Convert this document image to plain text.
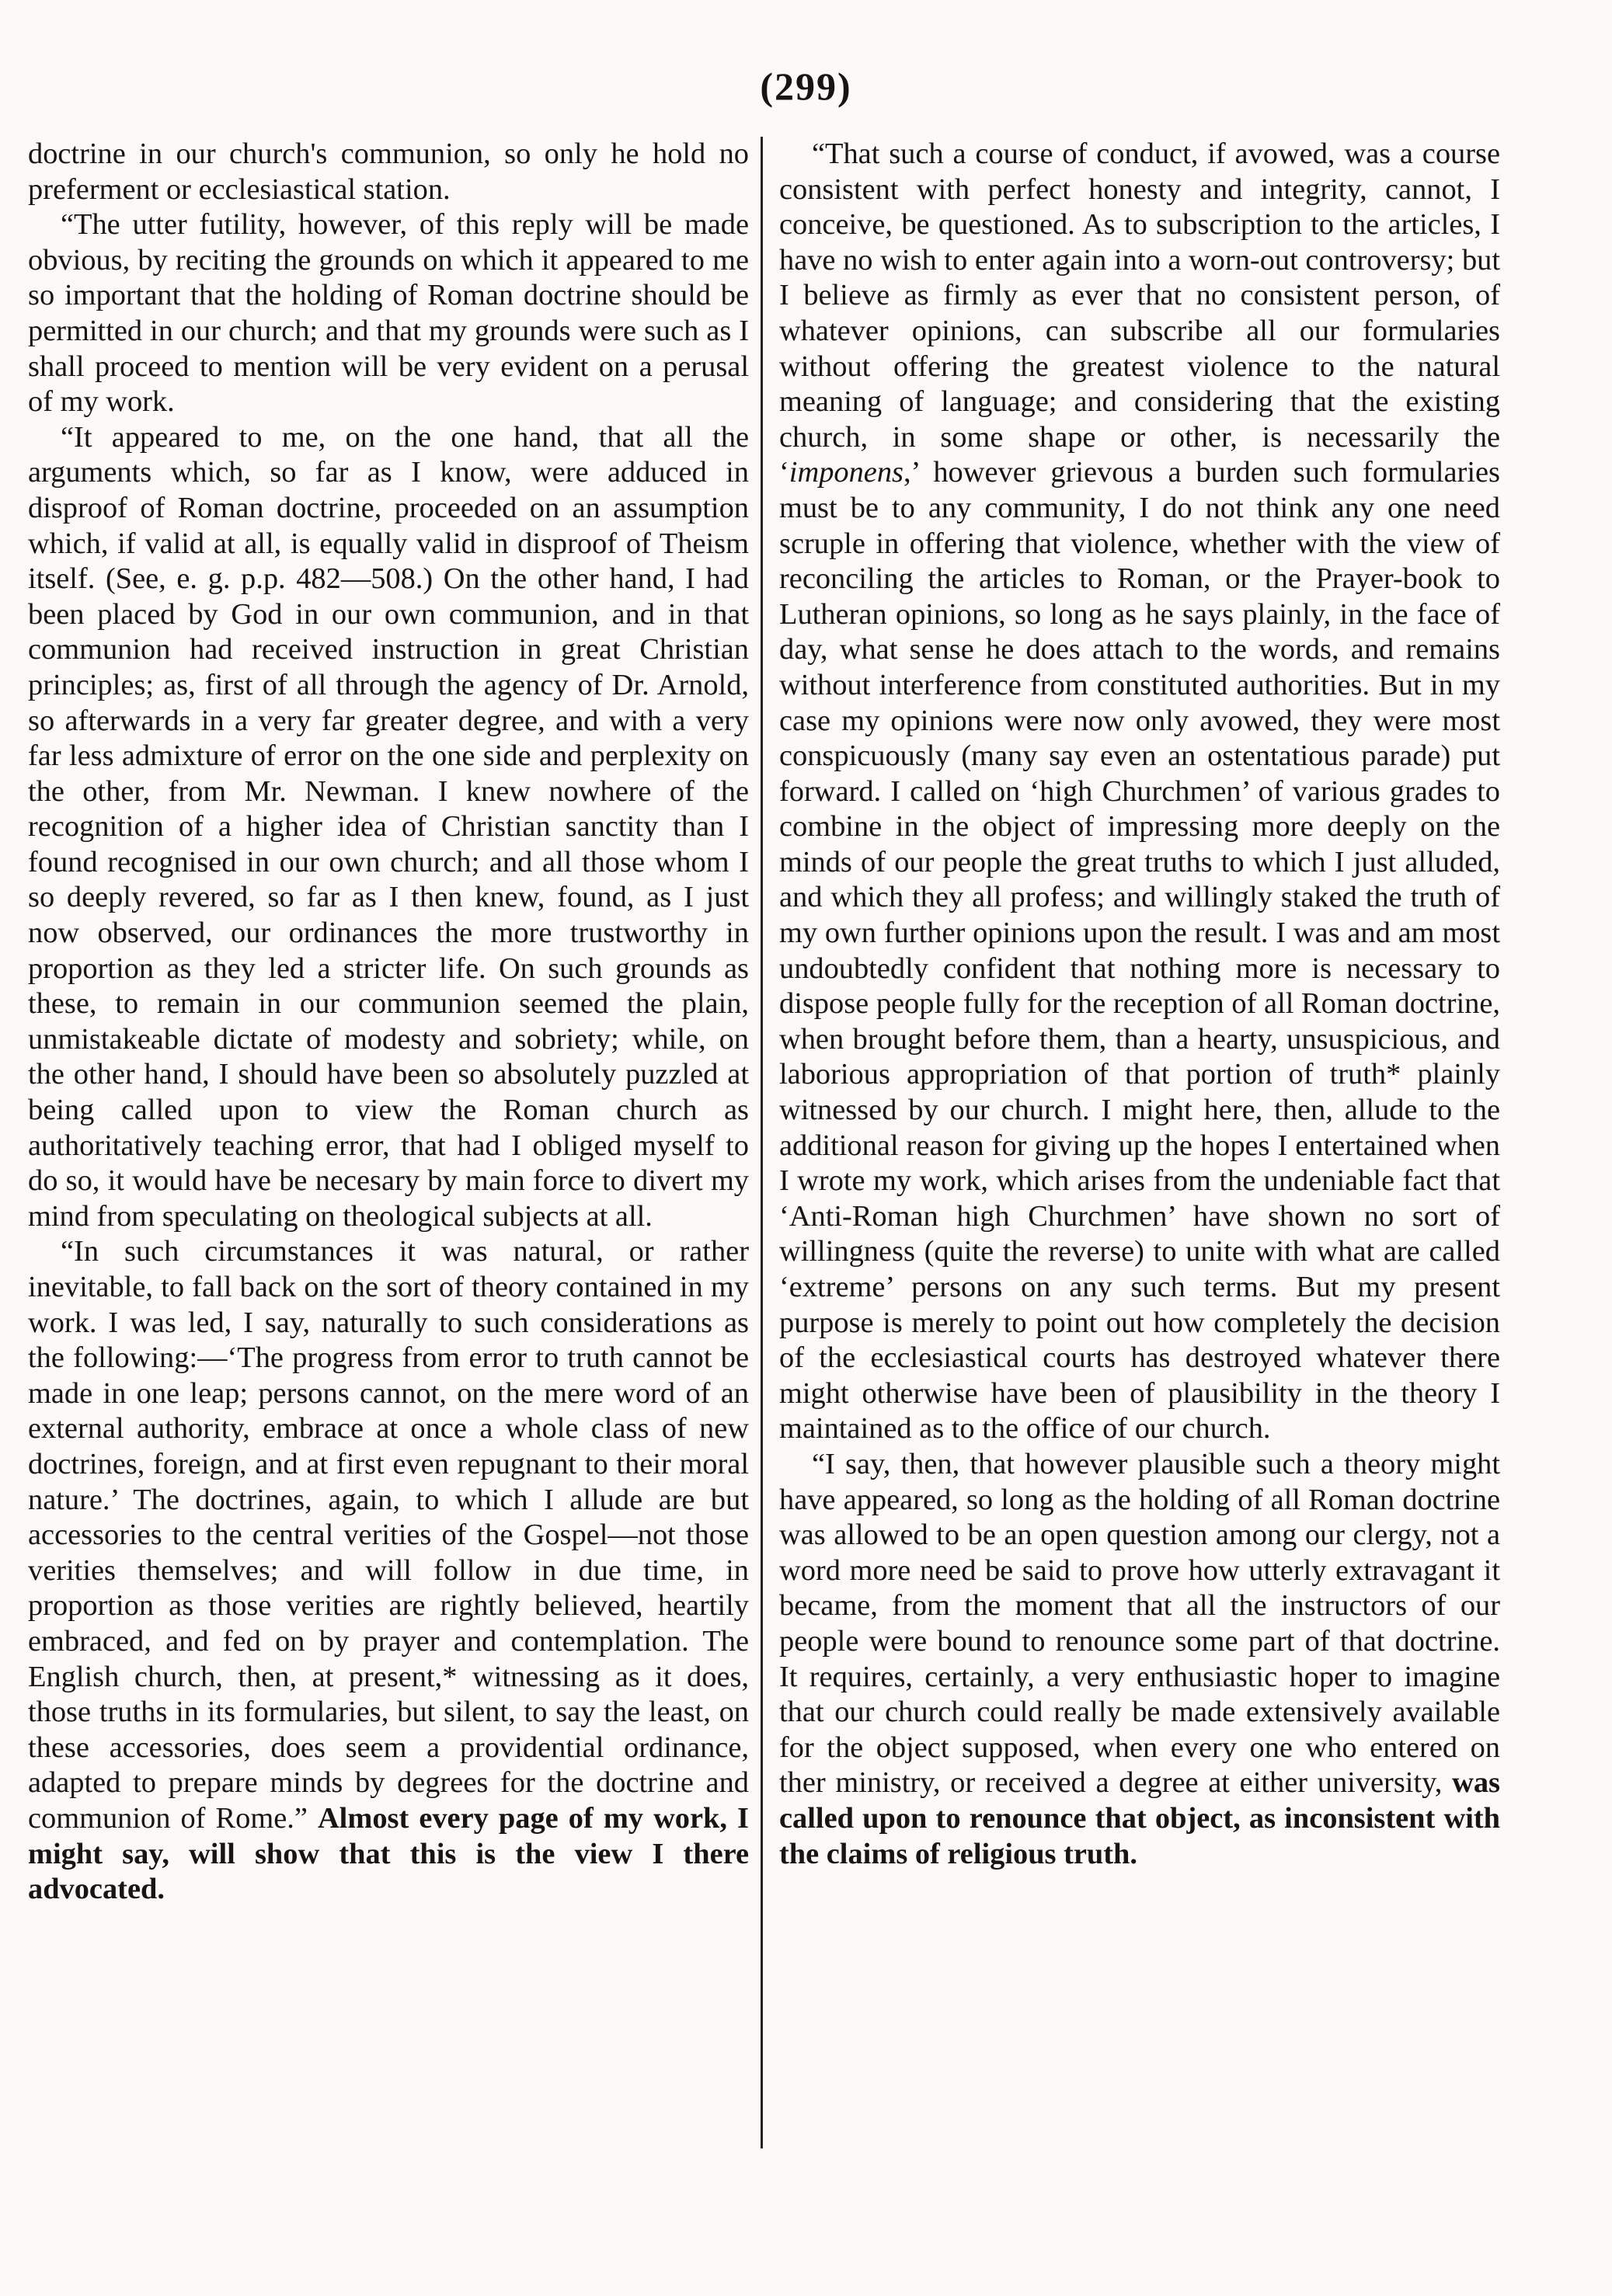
(299)

doctrine in our church's communion, so only he hold no preferment or ecclesiastical station.

“The utter futility, however, of this reply will be made obvious, by reciting the grounds on which it appeared to me so important that the holding of Roman doctrine should be permitted in our church; and that my grounds were such as I shall proceed to mention will be very evident on a perusal of my work.

“It appeared to me, on the one hand, that all the arguments which, so far as I know, were adduced in disproof of Roman doctrine, proceeded on an assumption which, if valid at all, is equally valid in disproof of Theism itself. (See, e. g. p.p. 482—508.) On the other hand, I had been placed by God in our own communion, and in that communion had received instruction in great Christian principles; as, first of all through the agency of Dr. Arnold, so afterwards in a very far greater degree, and with a very far less admixture of error on the one side and perplexity on the other, from Mr. Newman. I knew nowhere of the recognition of a higher idea of Christian sanctity than I found recognised in our own church; and all those whom I so deeply revered, so far as I then knew, found, as I just now observed, our ordinances the more trustworthy in proportion as they led a stricter life. On such grounds as these, to remain in our communion seemed the plain, unmistakeable dictate of modesty and sobriety; while, on the other hand, I should have been so absolutely puzzled at being called upon to view the Roman church as authoritatively teaching error, that had I obliged myself to do so, it would have be necesary by main force to divert my mind from speculating on theological subjects at all.

“In such circumstances it was natural, or rather inevitable, to fall back on the sort of theory contained in my work. I was led, I say, naturally to such considerations as the following:—‘The progress from error to truth cannot be made in one leap; persons cannot, on the mere word of an external authority, embrace at once a whole class of new doctrines, foreign, and at first even repugnant to their moral nature.’ The doctrines, again, to which I allude are but accessories to the central verities of the Gospel—not those verities themselves; and will follow in due time, in proportion as those verities are rightly believed, heartily embraced, and fed on by prayer and contemplation. The English church, then, at present,* witnessing as it does, those truths in its formularies, but silent, to say the least, on these accessories, does seem a providential ordinance, adapted to prepare minds by degrees for the doctrine and communion of Rome.” Almost every page of my work, I might say, will show that this is the view I there advocated.

“That such a course of conduct, if avowed, was a course consistent with perfect honesty and integrity, cannot, I conceive, be questioned. As to subscription to the articles, I have no wish to enter again into a worn-out controversy; but I believe as firmly as ever that no consistent person, of whatever opinions, can subscribe all our formularies without offering the greatest violence to the natural meaning of language; and considering that the existing church, in some shape or other, is necessarily the ‘imponens,’ however grievous a burden such formularies must be to any community, I do not think any one need scruple in offering that violence, whether with the view of reconciling the articles to Roman, or the Prayer-book to Lutheran opinions, so long as he says plainly, in the face of day, what sense he does attach to the words, and remains without interference from constituted authorities. But in my case my opinions were now only avowed, they were most conspicuously (many say even an ostentatious parade) put forward. I called on ‘high Churchmen’ of various grades to combine in the object of impressing more deeply on the minds of our people the great truths to which I just alluded, and which they all profess; and willingly staked the truth of my own further opinions upon the result. I was and am most undoubtedly confident that nothing more is necessary to dispose people fully for the reception of all Roman doctrine, when brought before them, than a hearty, unsuspicious, and laborious appropriation of that portion of truth* plainly witnessed by our church. I might here, then, allude to the additional reason for giving up the hopes I entertained when I wrote my work, which arises from the undeniable fact that ‘Anti-Roman high Churchmen’ have shown no sort of willingness (quite the reverse) to unite with what are called ‘extreme’ persons on any such terms. But my present purpose is merely to point out how completely the decision of the ecclesiastical courts has destroyed whatever there might otherwise have been of plausibility in the theory I maintained as to the office of our church.

“I say, then, that however plausible such a theory might have appeared, so long as the holding of all Roman doctrine was allowed to be an open question among our clergy, not a word more need be said to prove how utterly extravagant it became, from the moment that all the instructors of our people were bound to renounce some part of that doctrine. It requires, certainly, a very enthusiastic hoper to imagine that our church could really be made extensively available for the object supposed, when every one who entered on ther ministry, or received a degree at either university, was called upon to renounce that object, as inconsistent with the claims of religious truth.
